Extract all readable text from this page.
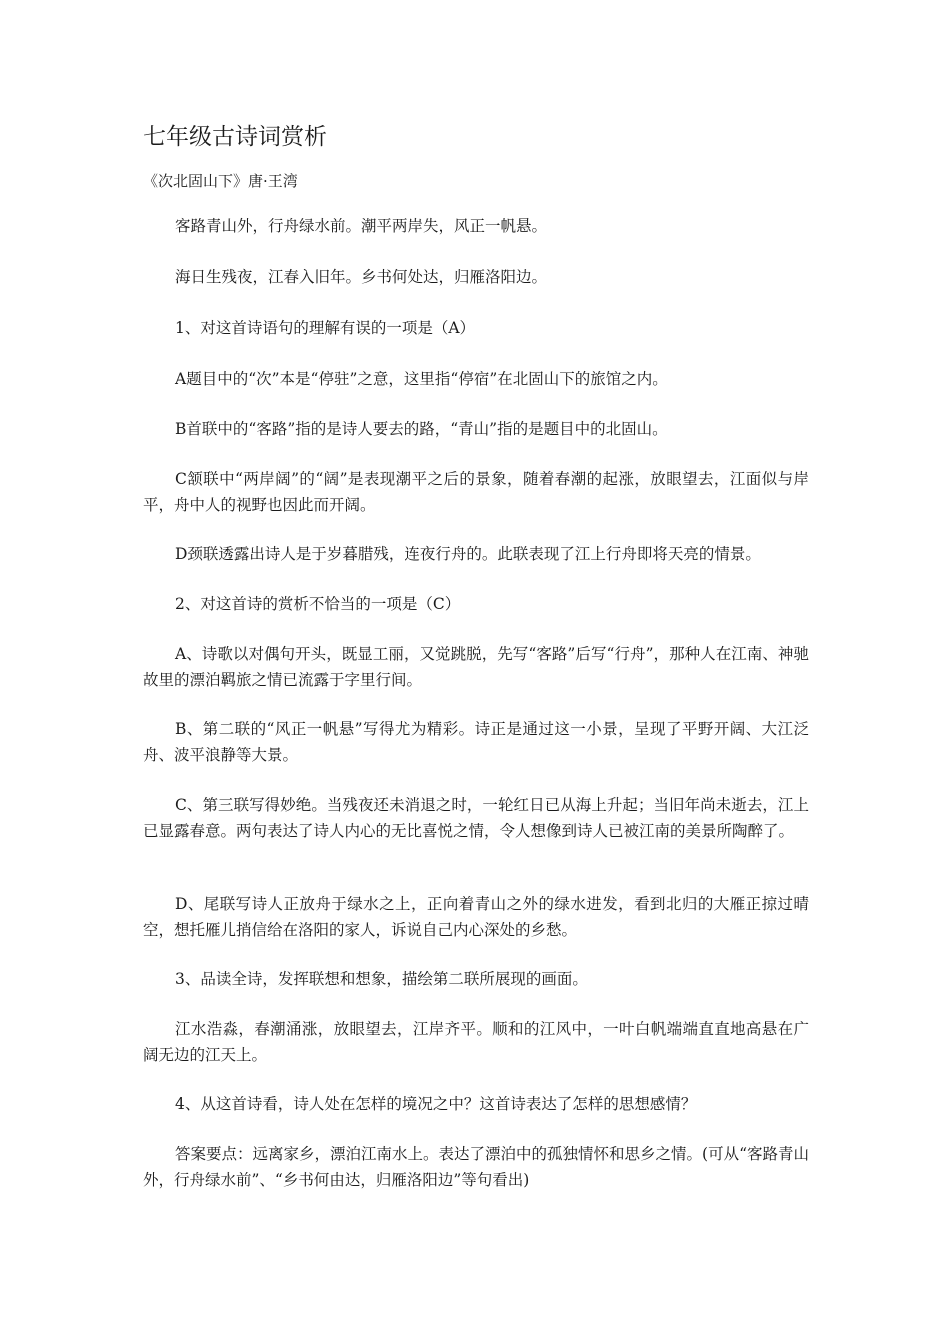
七年级古诗词赏析
《次北固山下》唐·王湾

客路青山外，行舟绿水前。潮平两岸失，风正一帆悬。

海日生残夜，江春入旧年。乡书何处达，归雁洛阳边。

1、对这首诗语句的理解有误的一项是（A）

A题目中的“次”本是“停驻”之意，这里指“停宿”在北固山下的旅馆之内。

B首联中的“客路”指的是诗人要去的路，“青山”指的是题目中的北固山。

C颔联中“两岸阔”的“阔”是表现潮平之后的景象，随着春潮的起涨，放眼望去，江面似与岸平，舟中人的视野也因此而开阔。

D颈联透露出诗人是于岁暮腊残，连夜行舟的。此联表现了江上行舟即将天亮的情景。

2、对这首诗的赏析不恰当的一项是（C）

A、诗歌以对偶句开头，既显工丽，又觉跳脱，先写“客路”后写“行舟”，那种人在江南、神驰故里的漂泊羁旅之情已流露于字里行间。

B、第二联的“风正一帆悬”写得尤为精彩。诗正是通过这一小景，呈现了平野开阔、大江泛舟、波平浪静等大景。

C、第三联写得妙绝。当残夜还未消退之时，一轮红日已从海上升起；当旧年尚未逝去，江上已显露春意。两句表达了诗人内心的无比喜悦之情，令人想像到诗人已被江南的美景所陶醉了。

D、尾联写诗人正放舟于绿水之上，正向着青山之外的绿水进发，看到北归的大雁正掠过晴空，想托雁儿捎信给在洛阳的家人，诉说自己内心深处的乡愁。

3、品读全诗，发挥联想和想象，描绘第二联所展现的画面。

江水浩淼，春潮涌涨，放眼望去，江岸齐平。顺和的江风中，一叶白帆端端直直地高悬在广阔无边的江天上。

4、从这首诗看，诗人处在怎样的境况之中？这首诗表达了怎样的思想感情？

答案要点：远离家乡，漂泊江南水上。表达了漂泊中的孤独情怀和思乡之情。(可从“客路青山外，行舟绿水前”、“乡书何由达，归雁洛阳边”等句看出)
